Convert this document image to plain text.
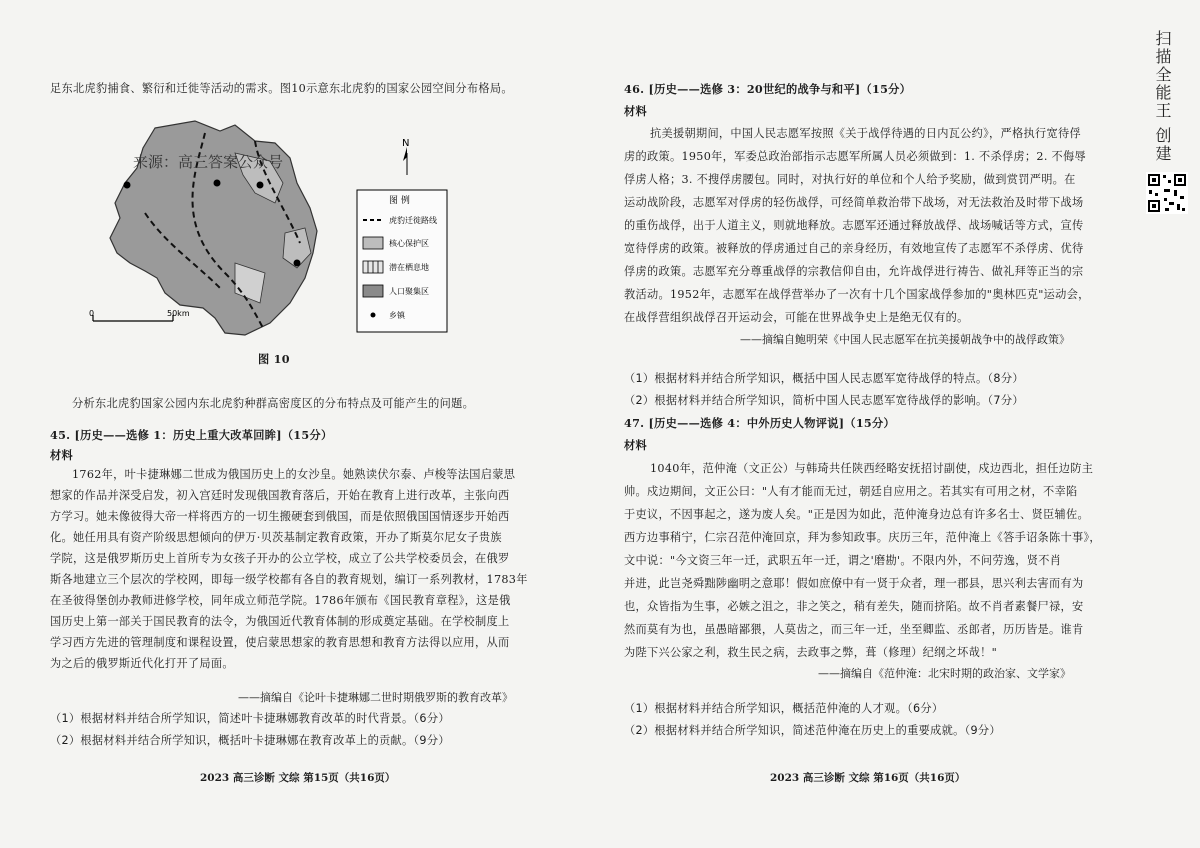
足东北虎豹捕食、繁衍和迁徙等活动的需求。图10示意东北虎豹的国家公园空间分布格局。
来源：高三答案公众号
N
0	50km
图 例
虎豹迁徙路线
核心保护区
潜在栖息地
人口聚集区
乡镇
图 10
分析东北虎豹国家公园内东北虎豹种群高密度区的分布特点及可能产生的问题。
45. [历史——选修 1：历史上重大改革回眸]（15分）
材料
1762年，叶卡捷琳娜二世成为俄国历史上的女沙皇。她熟读伏尔泰、卢梭等法国启蒙思
想家的作品并深受启发，初入宫廷时发现俄国教育落后，开始在教育上进行改革，主张向西
方学习。她未像彼得大帝一样将西方的一切生搬硬套到俄国，而是依照俄国国情逐步开始西
化。她任用具有资产阶级思想倾向的伊万·贝茨基制定教育政策，开办了斯莫尔尼女子贵族
学院，这是俄罗斯历史上首所专为女孩子开办的公立学校，成立了公共学校委员会，在俄罗
斯各地建立三个层次的学校网，即每一级学校都有各自的教育规划，编订一系列教材，1783年
在圣彼得堡创办教师进修学校，同年成立师范学院。1786年颁布《国民教育章程》，这是俄
国历史上第一部关于国民教育的法令，为俄国近代教育体制的形成奠定基础。在学校制度上
学习西方先进的管理制度和课程设置，使启蒙思想家的教育思想和教育方法得以应用，从而
为之后的俄罗斯近代化打开了局面。
——摘编自《论叶卡捷琳娜二世时期俄罗斯的教育改革》
（1）根据材料并结合所学知识，简述叶卡捷琳娜教育改革的时代背景。（6分）
（2）根据材料并结合所学知识，概括叶卡捷琳娜在教育改革上的贡献。（9分）
2023 高三诊断 文综 第15页（共16页）
46. [历史——选修 3：20世纪的战争与和平]（15分）
材料
抗美援朝期间，中国人民志愿军按照《关于战俘待遇的日内瓦公约》，严格执行宽待俘
虏的政策。1950年，军委总政治部指示志愿军所属人员必须做到：1. 不杀俘虏；2. 不侮辱
俘虏人格；3. 不搜俘虏腰包。同时，对执行好的单位和个人给予奖励，做到赏罚严明。在
运动战阶段，志愿军对俘虏的轻伤战俘，可经简单救治带下战场，对无法救治及时带下战场
的重伤战俘，出于人道主义，则就地释放。志愿军还通过释放战俘、战场喊话等方式，宣传
宽待俘虏的政策。被释放的俘虏通过自己的亲身经历，有效地宣传了志愿军不杀俘虏、优待
俘虏的政策。志愿军充分尊重战俘的宗教信仰自由，允许战俘进行祷告、做礼拜等正当的宗
教活动。1952年，志愿军在战俘营举办了一次有十几个国家战俘参加的"奥林匹克"运动会，
在战俘营组织战俘召开运动会，可能在世界战争史上是绝无仅有的。
——摘编自鲍明荣《中国人民志愿军在抗美援朝战争中的战俘政策》
（1）根据材料并结合所学知识，概括中国人民志愿军宽待战俘的特点。（8分）
（2）根据材料并结合所学知识，简析中国人民志愿军宽待战俘的影响。（7分）
47. [历史——选修 4：中外历史人物评说]（15分）
材料
1040年，范仲淹（文正公）与韩琦共任陕西经略安抚招讨副使，戍边西北，担任边防主
帅。戍边期间，文正公曰："人有才能而无过，朝廷自应用之。若其实有可用之材，不幸陷
于吏议，不因事起之，遂为废人矣。"正是因为如此，范仲淹身边总有许多名士、贤臣辅佐。
西方边事稍宁，仁宗召范仲淹回京，拜为参知政事。庆历三年，范仲淹上《答手诏条陈十事》，
文中说："今文资三年一迁，武职五年一迁，谓之'磨勘'。不限内外，不问劳逸，贤不肖
并进，此岂尧舜黜陟幽明之意耶！假如庶僚中有一贤于众者，理一郡县，思兴利去害而有为
也，众皆指为生事，必嫉之沮之，非之笑之，稍有差失，随而挤陷。故不肖者素餐尸禄，安
然而莫有为也，虽愚暗鄙猥，人莫齿之，而三年一迁，坐至卿监、丞郎者，历历皆是。谁肯
为陛下兴公家之利，救生民之病，去政事之弊，葺（修理）纪纲之坏哉！"
——摘编自《范仲淹：北宋时期的政治家、文学家》
（1）根据材料并结合所学知识，概括范仲淹的人才观。（6分）
（2）根据材料并结合所学知识，简述范仲淹在历史上的重要成就。（9分）
2023 高三诊断 文综 第16页（共16页）
扫描全能王 创建
